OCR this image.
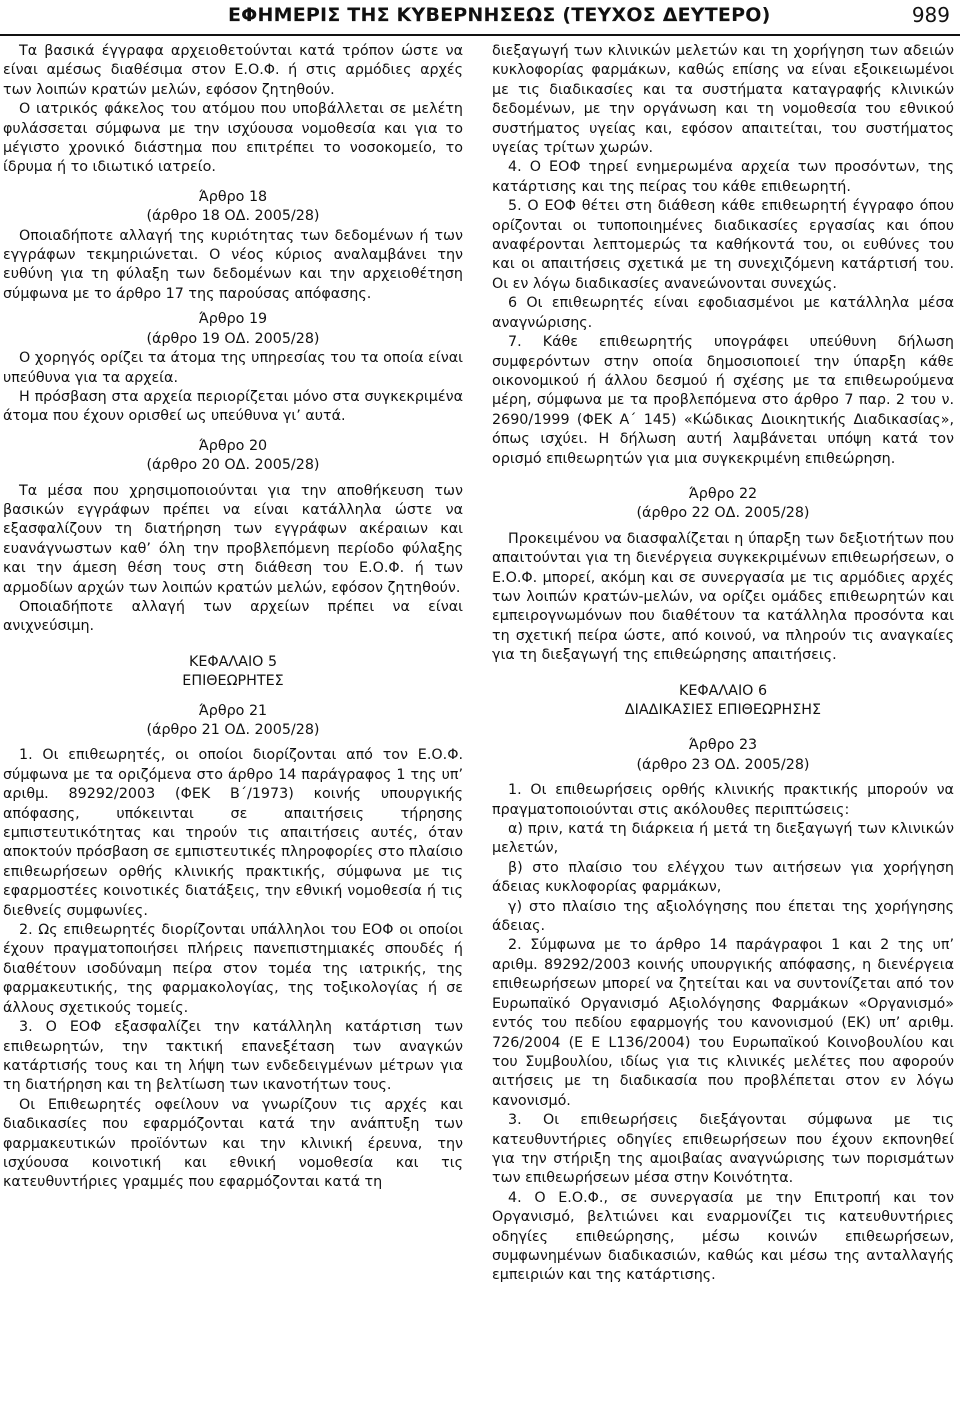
ΕΦΗΜΕΡΙΣ ΤΗΣ ΚΥΒΕΡΝΗΣΕΩΣ (ΤΕΥΧΟΣ ΔΕΥΤΕΡΟ)	989

Τα βασικά έγγραφα αρχειοθετούνται κατά τρόπον ώστε να είναι αμέσως διαθέσιμα στον Ε.Ο.Φ. ή στις αρμόδιες αρχές των λοιπών κρατών μελών, εφόσον ζητηθούν.

Ο ιατρικός φάκελος του ατόμου που υποβάλλεται σε μελέτη φυλάσσεται σύμφωνα με την ισχύουσα νομοθεσία και για το μέγιστο χρονικό διάστημα που επιτρέπει το νοσοκομείο, το ίδρυμα ή το ιδιωτικό ιατρείο.

Άρθρο 18

(άρθρο 18 ΟΔ. 2005/28)

Οποιαδήποτε αλλαγή της κυριότητας των δεδομένων ή των εγγράφων τεκμηριώνεται. Ο νέος κύριος αναλαμβάνει την ευθύνη για τη φύλαξη των δεδομένων και την αρχειοθέτηση σύμφωνα με το άρθρο 17 της παρούσας απόφασης.

Άρθρο 19

(άρθρο 19 ΟΔ. 2005/28)

Ο χορηγός ορίζει τα άτομα της υπηρεσίας του τα οποία είναι υπεύθυνα για τα αρχεία.

Η πρόσβαση στα αρχεία περιορίζεται μόνο στα συγκεκριμένα άτομα που έχουν ορισθεί ως υπεύθυνα γι’ αυτά.

Άρθρο 20

(άρθρο 20 ΟΔ. 2005/28)

Τα μέσα που χρησιμοποιούνται για την αποθήκευση των βασικών εγγράφων πρέπει να είναι κατάλληλα ώστε να εξασφαλίζουν τη διατήρηση των εγγράφων ακέραιων και ευανάγνωστων καθ’ όλη την προβλεπόμενη περίοδο φύλαξης και την άμεση θέση τους στη διάθεση του Ε.Ο.Φ. ή των αρμοδίων αρχών των λοιπών κρατών μελών, εφόσον ζητηθούν.

Οποιαδήποτε αλλαγή των αρχείων πρέπει να είναι ανιχνεύσιμη.

ΚΕΦΑΛΑΙΟ 5

ΕΠΙΘΕΩΡΗΤΕΣ

Άρθρο 21

(άρθρο 21 ΟΔ. 2005/28)

1. Οι επιθεωρητές, οι οποίοι διορίζονται από τον Ε.Ο.Φ. σύμφωνα με τα οριζόμενα στο άρθρο 14 παράγραφος 1 της υπ’ αριθμ. 89292/2003 (ΦΕΚ Β΄/1973) κοινής υπουργικής απόφασης, υπόκεινται σε απαιτήσεις τήρησης εμπιστευτικότητας και τηρούν τις απαιτήσεις αυτές, όταν αποκτούν πρόσβαση σε εμπιστευτικές πληροφορίες στο πλαίσιο επιθεωρήσεων ορθής κλινικής πρακτικής, σύμφωνα με τις εφαρμοστέες κοινοτικές διατάξεις, την εθνική νομοθεσία ή τις διεθνείς συμφωνίες.

2. Ως επιθεωρητές διορίζονται υπάλληλοι του ΕΟΦ οι οποίοι έχουν πραγματοποιήσει πλήρεις πανεπιστημιακές σπουδές ή διαθέτουν ισοδύναμη πείρα στον τομέα της ιατρικής, της φαρμακευτικής, της φαρμακολογίας, της τοξικολογίας ή σε άλλους σχετικούς τομείς.

3. Ο ΕΟΦ εξασφαλίζει την κατάλληλη κατάρτιση των επιθεωρητών, την τακτική επανεξέταση των αναγκών κατάρτισής τους και τη λήψη των ενδεδειγμένων μέτρων για τη διατήρηση και τη βελτίωση των ικανοτήτων τους.

Οι Επιθεωρητές οφείλουν να γνωρίζουν τις αρχές και διαδικασίες που εφαρμόζονται κατά την ανάπτυξη των φαρμακευτικών προϊόντων και την κλινική έρευνα, την ισχύουσα κοινοτική και εθνική νομοθεσία και τις κατευθυντήριες γραμμές που εφαρμόζονται κατά τη

διεξαγωγή των κλινικών μελετών και τη χορήγηση των αδειών κυκλοφορίας φαρμάκων, καθώς επίσης να είναι εξοικειωμένοι με τις διαδικασίες και τα συστήματα καταγραφής κλινικών δεδομένων, με την οργάνωση και τη νομοθεσία του εθνικού συστήματος υγείας και, εφόσον απαιτείται, του συστήματος υγείας τρίτων χωρών.

4. Ο ΕΟΦ τηρεί ενημερωμένα αρχεία των προσόντων, της κατάρτισης και της πείρας του κάθε επιθεωρητή.

5. Ο ΕΟΦ θέτει στη διάθεση κάθε επιθεωρητή έγγραφο όπου ορίζονται οι τυποποιημένες διαδικασίες εργασίας και όπου αναφέρονται λεπτομερώς τα καθήκοντά του, οι ευθύνες του και οι απαιτήσεις σχετικά με τη συνεχιζόμενη κατάρτισή του. Οι εν λόγω διαδικασίες ανανεώνονται συνεχώς.

6 Οι επιθεωρητές είναι εφοδιασμένοι με κατάλληλα μέσα αναγνώρισης.

7. Κάθε επιθεωρητής υπογράφει υπεύθυνη δήλωση συμφερόντων στην οποία δημοσιοποιεί την ύπαρξη κάθε οικονομικού ή άλλου δεσμού ή σχέσης με τα επιθεωρούμενα μέρη, σύμφωνα με τα προβλεπόμενα στο άρθρο 7 παρ. 2 του ν. 2690/1999 (ΦΕΚ Α΄ 145) «Κώδικας Διοικητικής Διαδικασίας», όπως ισχύει. Η δήλωση αυτή λαμβάνεται υπόψη κατά τον ορισμό επιθεωρητών για μια συγκεκριμένη επιθεώρηση.

Άρθρο 22

(άρθρο 22 ΟΔ. 2005/28)

Προκειμένου να διασφαλίζεται η ύπαρξη των δεξιοτήτων που απαιτούνται για τη διενέργεια συγκεκριμένων επιθεωρήσεων, ο Ε.Ο.Φ. μπορεί, ακόμη και σε συνεργασία με τις αρμόδιες αρχές των λοιπών κρατών-μελών, να ορίζει ομάδες επιθεωρητών και εμπειρογνωμόνων που διαθέτουν τα κατάλληλα προσόντα και τη σχετική πείρα ώστε, από κοινού, να πληρούν τις αναγκαίες για τη διεξαγωγή της επιθεώρησης απαιτήσεις.

ΚΕΦΑΛΑΙΟ 6

ΔΙΑΔΙΚΑΣΙΕΣ ΕΠΙΘΕΩΡΗΣΗΣ

Άρθρο 23

(άρθρο 23 ΟΔ. 2005/28)

1. Οι επιθεωρήσεις ορθής κλινικής πρακτικής μπορούν να πραγματοποιούνται στις ακόλουθες περιπτώσεις:

α) πριν, κατά τη διάρκεια ή μετά τη διεξαγωγή των κλινικών μελετών,

β) στο πλαίσιο του ελέγχου των αιτήσεων για χορήγηση άδειας κυκλοφορίας φαρμάκων,

γ) στο πλαίσιο της αξιολόγησης που έπεται της χορήγησης άδειας.

2. Σύμφωνα με το άρθρο 14 παράγραφοι 1 και 2 της υπ’ αριθμ. 89292/2003 κοινής υπουργικής απόφασης, η διενέργεια επιθεωρήσεων μπορεί να ζητείται και να συντονίζεται από τον Ευρωπαϊκό Οργανισμό Αξιολόγησης Φαρμάκων «Οργανισμό» εντός του πεδίου εφαρμογής του κανονισμού (ΕΚ) υπ’ αριθμ. 726/2004 (Ε Ε L136/2004) του Ευρωπαϊκού Κοινοβουλίου και του Συμβουλίου, ιδίως για τις κλινικές μελέτες που αφορούν αιτήσεις με τη διαδικασία που προβλέπεται στον εν λόγω κανονισμό.

3. Οι επιθεωρήσεις διεξάγονται σύμφωνα με τις κατευθυντήριες οδηγίες επιθεωρήσεων που έχουν εκπονηθεί για την στήριξη της αμοιβαίας αναγνώρισης των πορισμάτων των επιθεωρήσεων μέσα στην Κοινότητα.

4. Ο Ε.Ο.Φ., σε συνεργασία με την Επιτροπή και τον Οργανισμό, βελτιώνει και εναρμονίζει τις κατευθυντήριες οδηγίες επιθεώρησης, μέσω κοινών επιθεωρήσεων, συμφωνημένων διαδικασιών, καθώς και μέσω της ανταλλαγής εμπειριών και της κατάρτισης.
